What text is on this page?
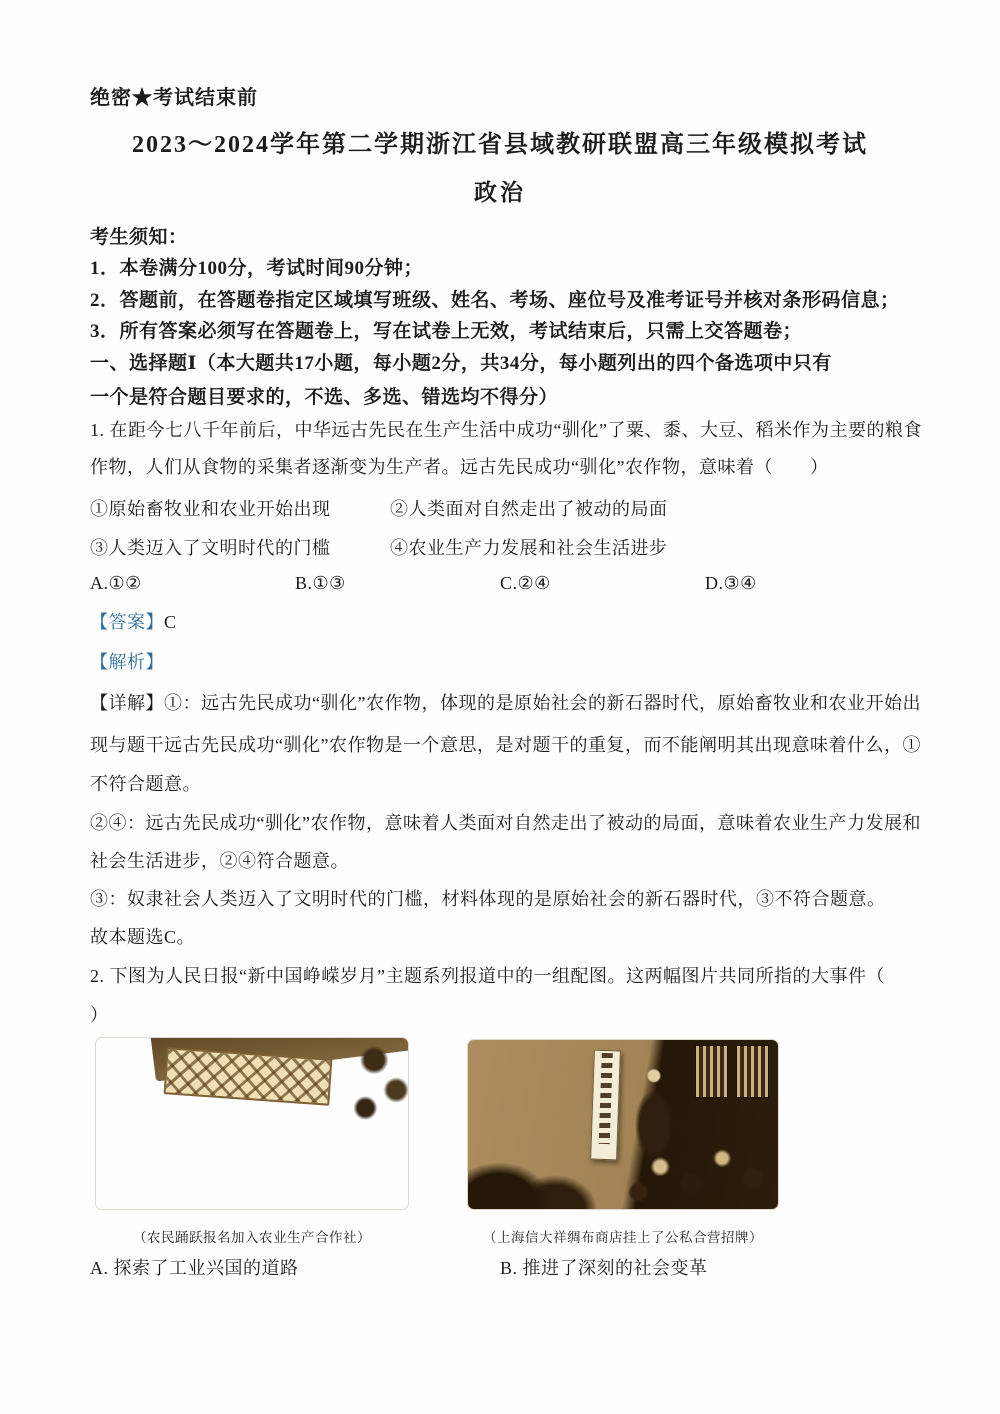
绝密★考试结束前
2023～2024学年第二学期浙江省县域教研联盟高三年级模拟考试
政治
考生须知：
1．本卷满分100分，考试时间90分钟；
2．答题前，在答题卷指定区域填写班级、姓名、考场、座位号及准考证号并核对条形码信息；
3．所有答案必须写在答题卷上，写在试卷上无效，考试结束后，只需上交答题卷；
一、选择题Ⅰ（本大题共17小题，每小题2分，共34分，每小题列出的四个备选项中只有
一个是符合题目要求的，不选、多选、错选均不得分）
1. 在距今七八千年前后，中华远古先民在生产生活中成功“驯化”了粟、黍、大豆、稻米作为主要的粮食
作物，人们从食物的采集者逐渐变为生产者。远古先民成功“驯化”农作物，意味着（　　）
①原始畜牧业和农业开始出现	②人类面对自然走出了被动的局面
③人类迈入了文明时代的门槛	④农业生产力发展和社会生活进步
A.①②	B.①③	C.②④	D.③④
【答案】C
【解析】
【详解】①：远古先民成功“驯化”农作物，体现的是原始社会的新石器时代，原始畜牧业和农业开始出
现与题干远古先民成功“驯化”农作物是一个意思，是对题干的重复，而不能阐明其出现意味着什么，①
不符合题意。
②④：远古先民成功“驯化”农作物，意味着人类面对自然走出了被动的局面，意味着农业生产力发展和
社会生活进步，②④符合题意。
③：奴隶社会人类迈入了文明时代的门槛，材料体现的是原始社会的新石器时代，③不符合题意。
故本题选C。
2. 下图为人民日报“新中国峥嵘岁月”主题系列报道中的一组配图。这两幅图片共同所指的大事件（
）
（农民踊跃报名加入农业生产合作社）	（上海信大祥绸布商店挂上了公私合营招牌）
A. 探索了工业兴国的道路	B. 推进了深刻的社会变革
